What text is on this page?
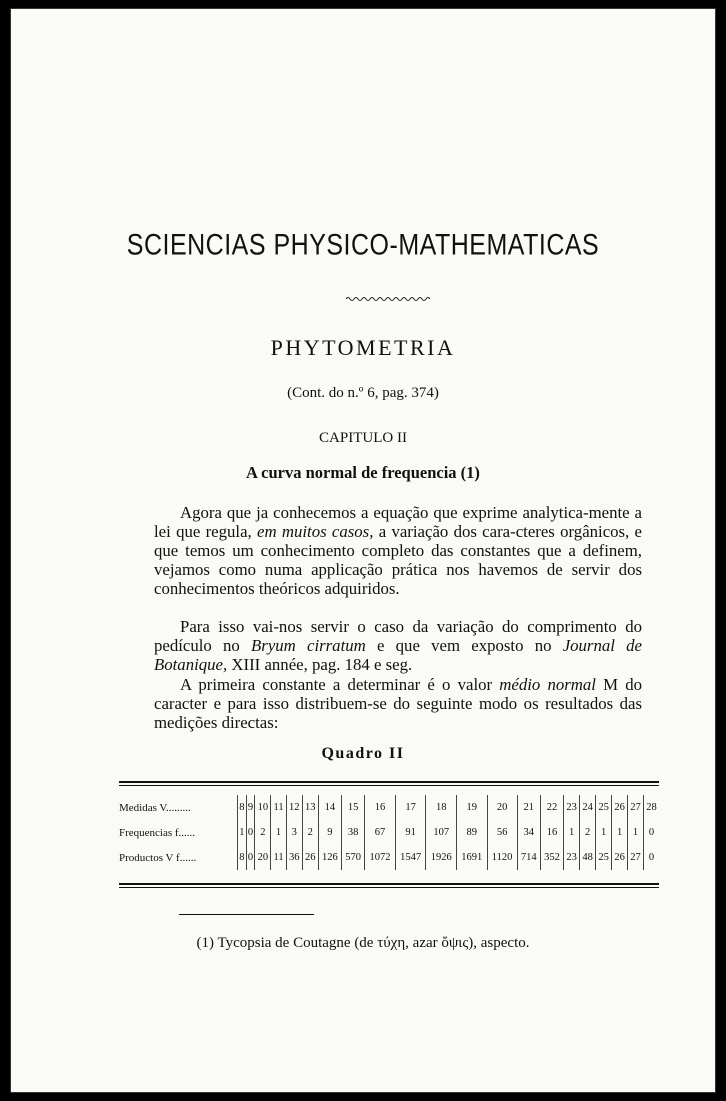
SCIENCIAS PHYSICO-MATHEMATICAS
PHYTOMETRIA
(Cont. do n.º 6, pag. 374)
CAPITULO II
A curva normal de frequencia (1)

Agora que ja conhecemos a equação que exprime analytica-mente a lei que regula, em muitos casos, a variação dos cara-cteres orgânicos, e que temos um conhecimento completo das constantes que a definem, vejamos como numa applicação prática nos havemos de servir dos conhecimentos theóricos adquiridos.

Para isso vai-nos servir o caso da variação do comprimento do pedículo no Bryum cirratum e que vem exposto no Journal de Botanique, XIII année, pag. 184 e seg.

A primeira constante a determinar é o valor médio normal M do caracter e para isso distribuem-se do seguinte modo os resultados das medições directas:

Quadro II
Medidas V.........	8	9	10	11	12	13	14	15	16	17	18	19	20	21	22	23	24	25	26	27	28
Frequencias f......	1	0	2	1	3	2	9	38	67	91	107	89	56	34	16	1	2	1	1	1	0
Productos V f......	8	0	20	11	36	26	126	570	1072	1547	1926	1691	1120	714	352	23	48	25	26	27	0
(1) Tycopsia de Coutagne (de τύχη, azar ὄψις), aspecto.
